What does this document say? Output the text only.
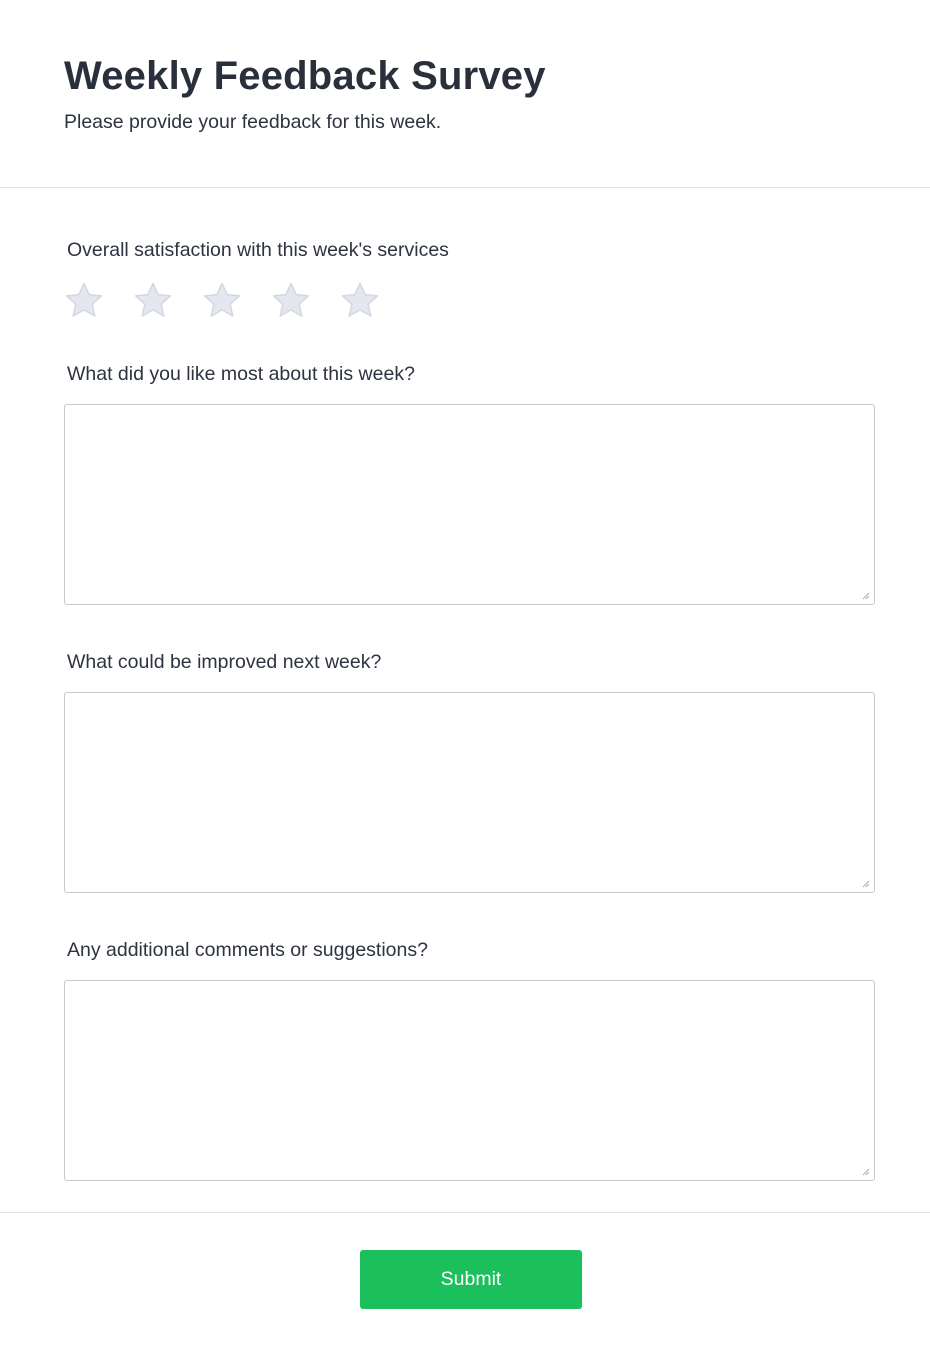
Weekly Feedback Survey

Please provide your feedback for this week.

Overall satisfaction with this week's services
What did you like most about this week?
What could be improved next week?
Any additional comments or suggestions?
Submit
